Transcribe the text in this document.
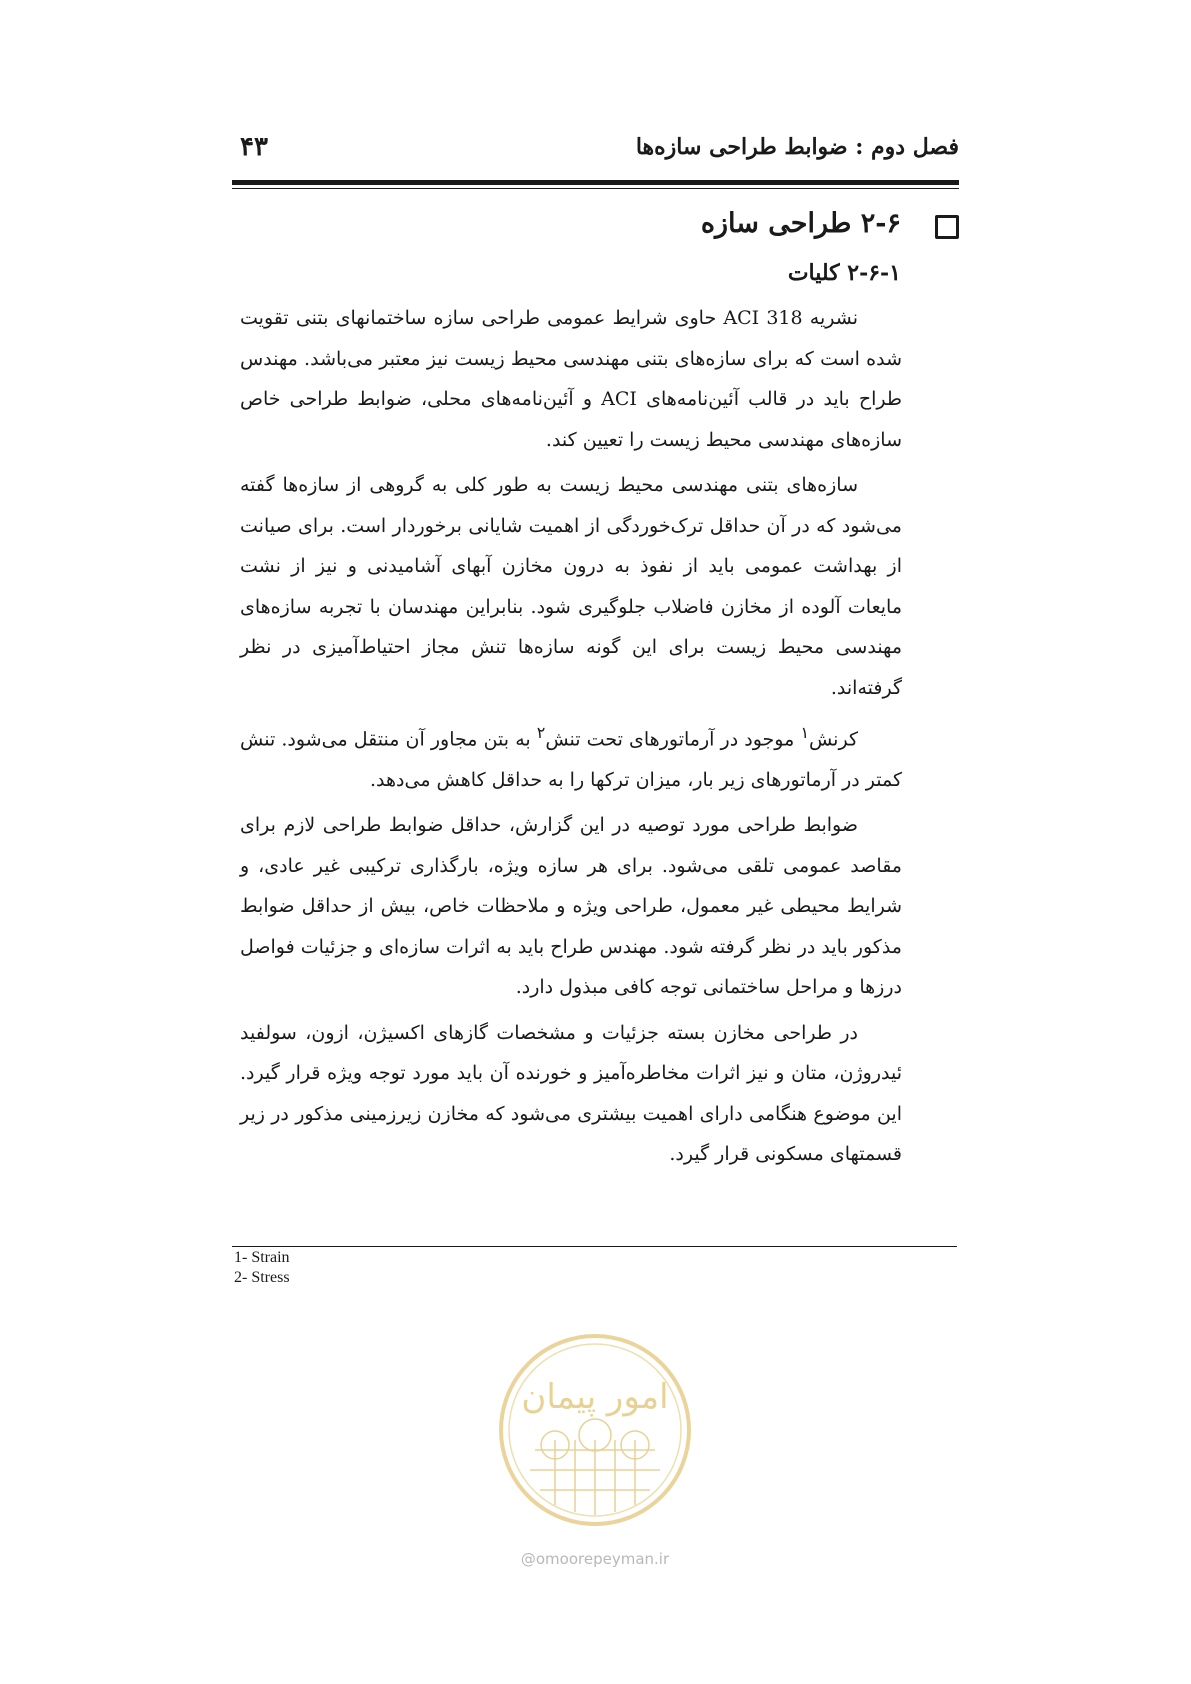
۴۳	فصل دوم : ضوابط طراحی سازه‌ها
۲-۶ طراحی سازه
۲-۶-۱ کلیات

نشریه ACI 318 حاوی شرایط عمومی طراحی سازه ساختمانهای بتنی تقویت شده است که برای سازه‌های بتنی مهندسی محیط زیست نیز معتبر می‌باشد. مهندس طراح باید در قالب آئین‌نامه‌های ACI و آئین‌نامه‌های محلی، ضوابط طراحی خاص سازه‌های مهندسی محیط زیست را تعیین کند.

سازه‌های بتنی مهندسی محیط زیست به طور کلی به گروهی از سازه‌ها گفته می‌شود که در آن حداقل ترک‌خوردگی از اهمیت شایانی برخوردار است. برای صیانت از بهداشت عمومی باید از نفوذ به درون مخازن آبهای آشامیدنی و نیز از نشت مایعات آلوده از مخازن فاضلاب جلوگیری شود. بنابراین مهندسان با تجربه سازه‌های مهندسی محیط زیست برای این گونه سازه‌ها تنش مجاز احتیاط‌آمیزی در نظر گرفته‌اند.

کرنش$^۱$ موجود در آرماتورهای تحت تنش$^۲$ به بتن مجاور آن منتقل می‌شود. تنش کمتر در آرماتورهای زیر بار، میزان ترکها را به حداقل کاهش می‌دهد.

ضوابط طراحی مورد توصیه در این گزارش، حداقل ضوابط طراحی لازم برای مقاصد عمومی تلقی می‌شود. برای هر سازه ویژه، بارگذاری ترکیبی غیر عادی، و شرایط محیطی غیر معمول، طراحی ویژه و ملاحظات خاص، بیش از حداقل ضوابط مذکور باید در نظر گرفته شود. مهندس طراح باید به اثرات سازه‌ای و جزئیات فواصل درزها و مراحل ساختمانی توجه کافی مبذول دارد.

در طراحی مخازن بسته جزئیات و مشخصات گازهای اکسیژن، ازون، سولفید ئیدروژن، متان و نیز اثرات مخاطره‌آمیز و خورنده آن باید مورد توجه ویژه قرار گیرد. این موضوع هنگامی دارای اهمیت بیشتری می‌شود که مخازن زیرزمینی مذکور در زیر قسمتهای مسکونی قرار گیرد.

1- Strain
2- Stress
امور پیمان
@omoorepeyman.ir
